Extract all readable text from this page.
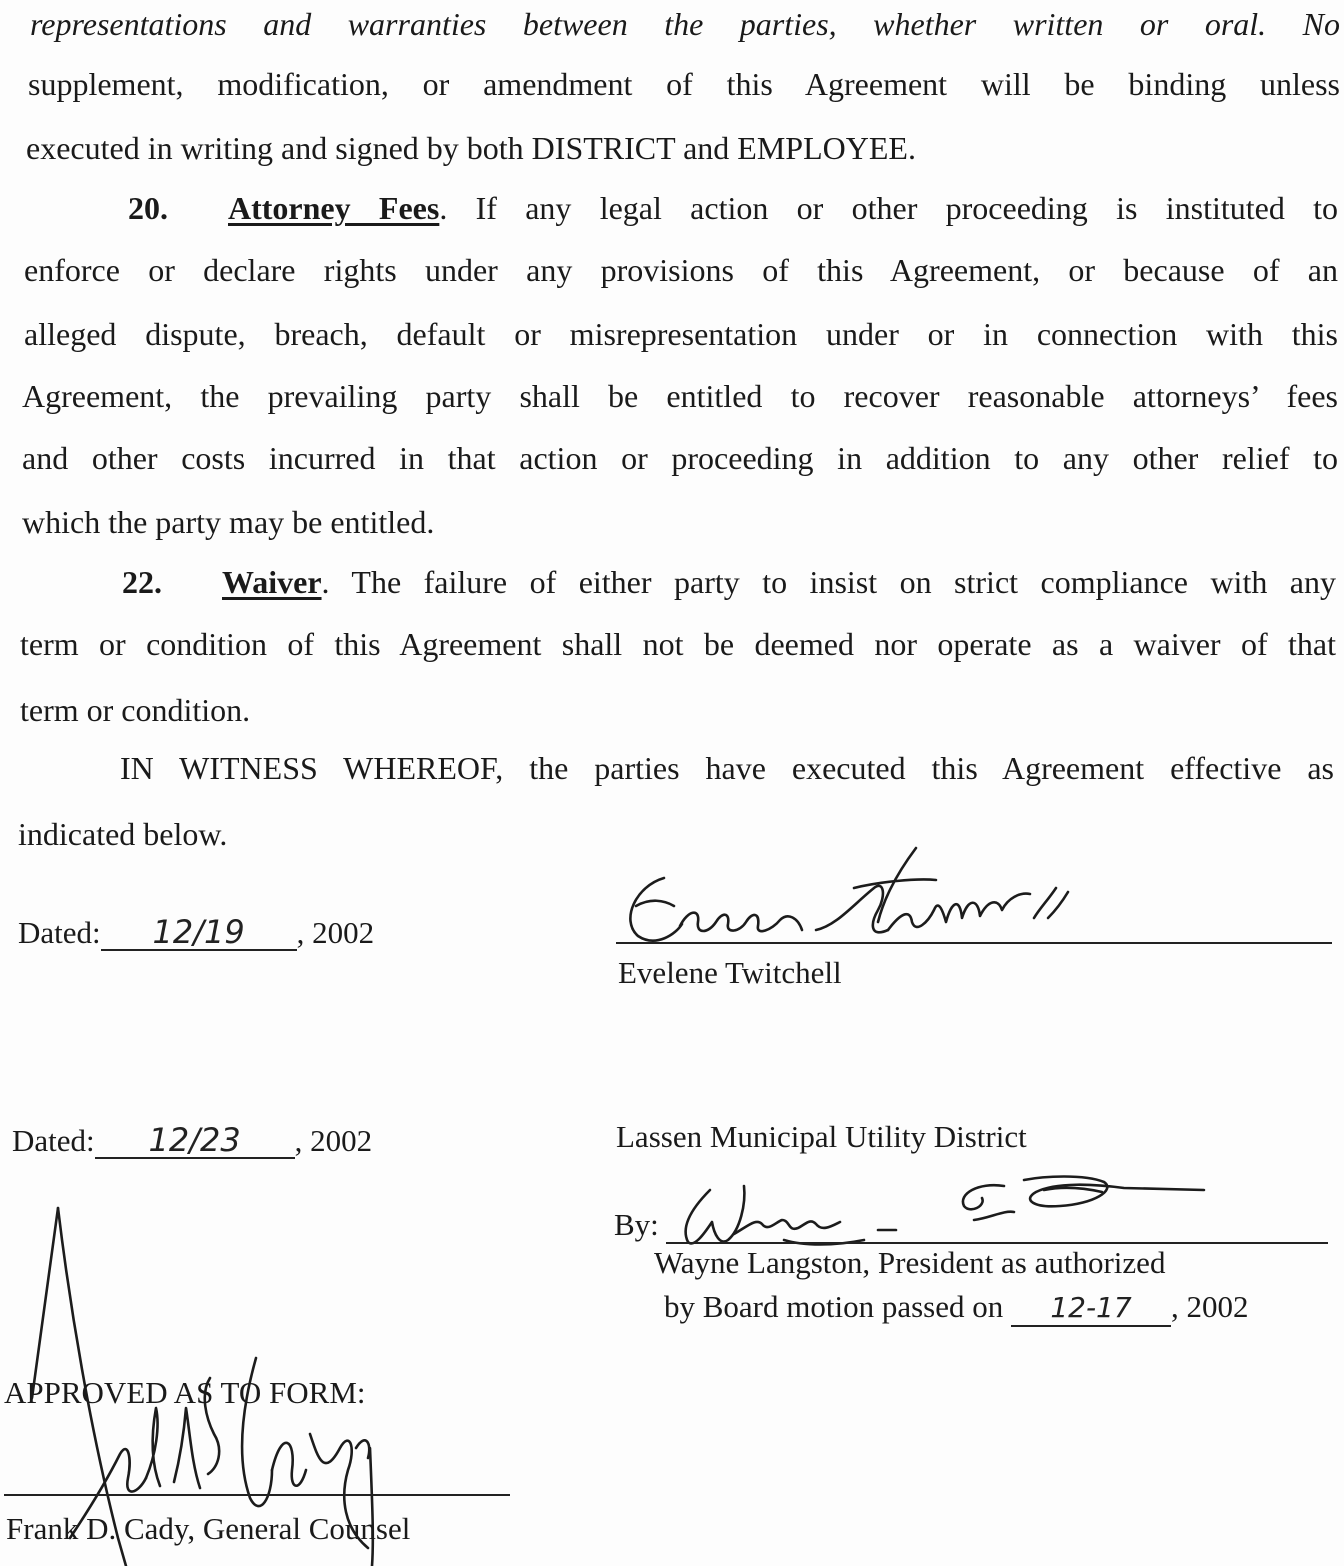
representations and warranties between the parties, whether written or oral. No
supplement, modification, or amendment of this Agreement will be binding unless
executed in writing and signed by both DISTRICT and EMPLOYEE.
20. Attorney Fees. If any legal action or other proceeding is instituted to
enforce or declare rights under any provisions of this Agreement, or because of an
alleged dispute, breach, default or misrepresentation under or in connection with this
Agreement, the prevailing party shall be entitled to recover reasonable attorneys’ fees
and other costs incurred in that action or proceeding in addition to any other relief to
which the party may be entitled.
22. Waiver. The failure of either party to insist on strict compliance with any
term or condition of this Agreement shall not be deemed nor operate as a waiver of that
term or condition.
IN WITNESS WHEREOF, the parties have executed this Agreement effective as
indicated below.
Dated: 12/19 , 2002
Evelene Twitchell
Dated: 12/23 , 2002	Lassen Municipal Utility District
By:
Wayne Langston, President as authorized
by Board motion passed on 12-17 , 2002
APPROVED AS TO FORM:
Frank D. Cady, General Counsel
